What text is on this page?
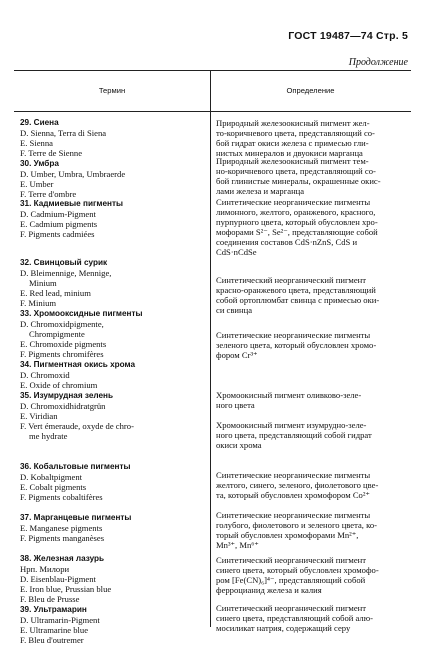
ГОСТ 19487—74 Стр. 5
Продолжение
Термин	Определение
29. Сиена
D. Sienna, Terra di Siena
E. Sienna
F. Terre de Sienne
30. Умбра
D. Umber, Umbra, Umbraerde
E. Umber
F. Terre d'ombre
31. Кадмиевые пигменты
D. Cadmium-Pigment
E. Cadmium pigments
F. Pigments cadmiées
32. Свинцовый сурик
D. Bleimennige, Mennige,
Minium
E. Red lead, minium
F. Minium
33. Хромооксидные пигменты
D. Chromoxidpigmente,
Chrompigmente
E. Chromoxide pigments
F. Pigments chromifères
34. Пигментная окись хрома
D. Chromoxid
E. Oxide of chromium
35. Изумрудная зелень
D. Chromoxidhidratgrün
E. Viridian
F. Vert émeraude, oxyde de chro-
me hydrate
36. Кобальтовые пигменты
D. Kobaltpigment
E. Cobalt pigments
F. Pigments cobaltifères
37. Марганцевые пигменты
E. Manganese pigments
F. Pigments manganèses
38. Железная лазурь
Нрп. Милори
D. Eisenblau-Pigment
E. Iron blue, Prussian blue
F. Bleu de Prusse
39. Ультрамарин
D. Ultramarin-Pigment
E. Ultramarine blue
F. Bleu d'outremer
Природный железоокисный пигмент жел-
то-коричневого цвета, представляющий со-
бой гидрат окиси железа с примесью гли-
нистых минералов и двуокиси марганца
Природный железоокисный пигмент тем-
но-коричневого цвета, представляющий со-
бой глинистые минералы, окрашенные окис-
лами железа и марганца
Синтетические неорганические пигменты
лимонного, желтого, оранжевого, красного,
пурпурного цвета, который обусловлен хро-
мофорами S²⁻, Se²⁻, представляющие собой
соединения составов CdS·nZnS, CdS и
CdS·nCdSe
Синтетический неорганический пигмент
красно-оранжевого цвета, представляющий
собой ортоплюмбат свинца с примесью оки-
си свинца
Синтетические неорганические пигменты
зеленого цвета, который обусловлен хромо-
фором Cr³⁺
Хромоокисный пигмент оливково-зеле-
ного цвета
Хромоокисный пигмент изумрудно-зеле-
ного цвета, представляющий собой гидрат
окиси хрома
Синтетические неорганические пигменты
желтого, синего, зеленого, фиолетового цве-
та, который обусловлен хромофором Co²⁺
Синтетические неорганические пигменты
голубого, фиолетового и зеленого цвета, ко-
торый обусловлен хромофорами Mn²⁺,
Mn³⁺, Mn⁶⁺
Синтетический неорганический пигмент
синего цвета, который обусловлен хромофо-
ром [Fe(CN)₆]⁴⁻, представляющий собой
ферроцианид железа и калия
Синтетический неорганический пигмент
синего цвета, представляющий собой алю-
мосиликат натрия, содержащий серу
